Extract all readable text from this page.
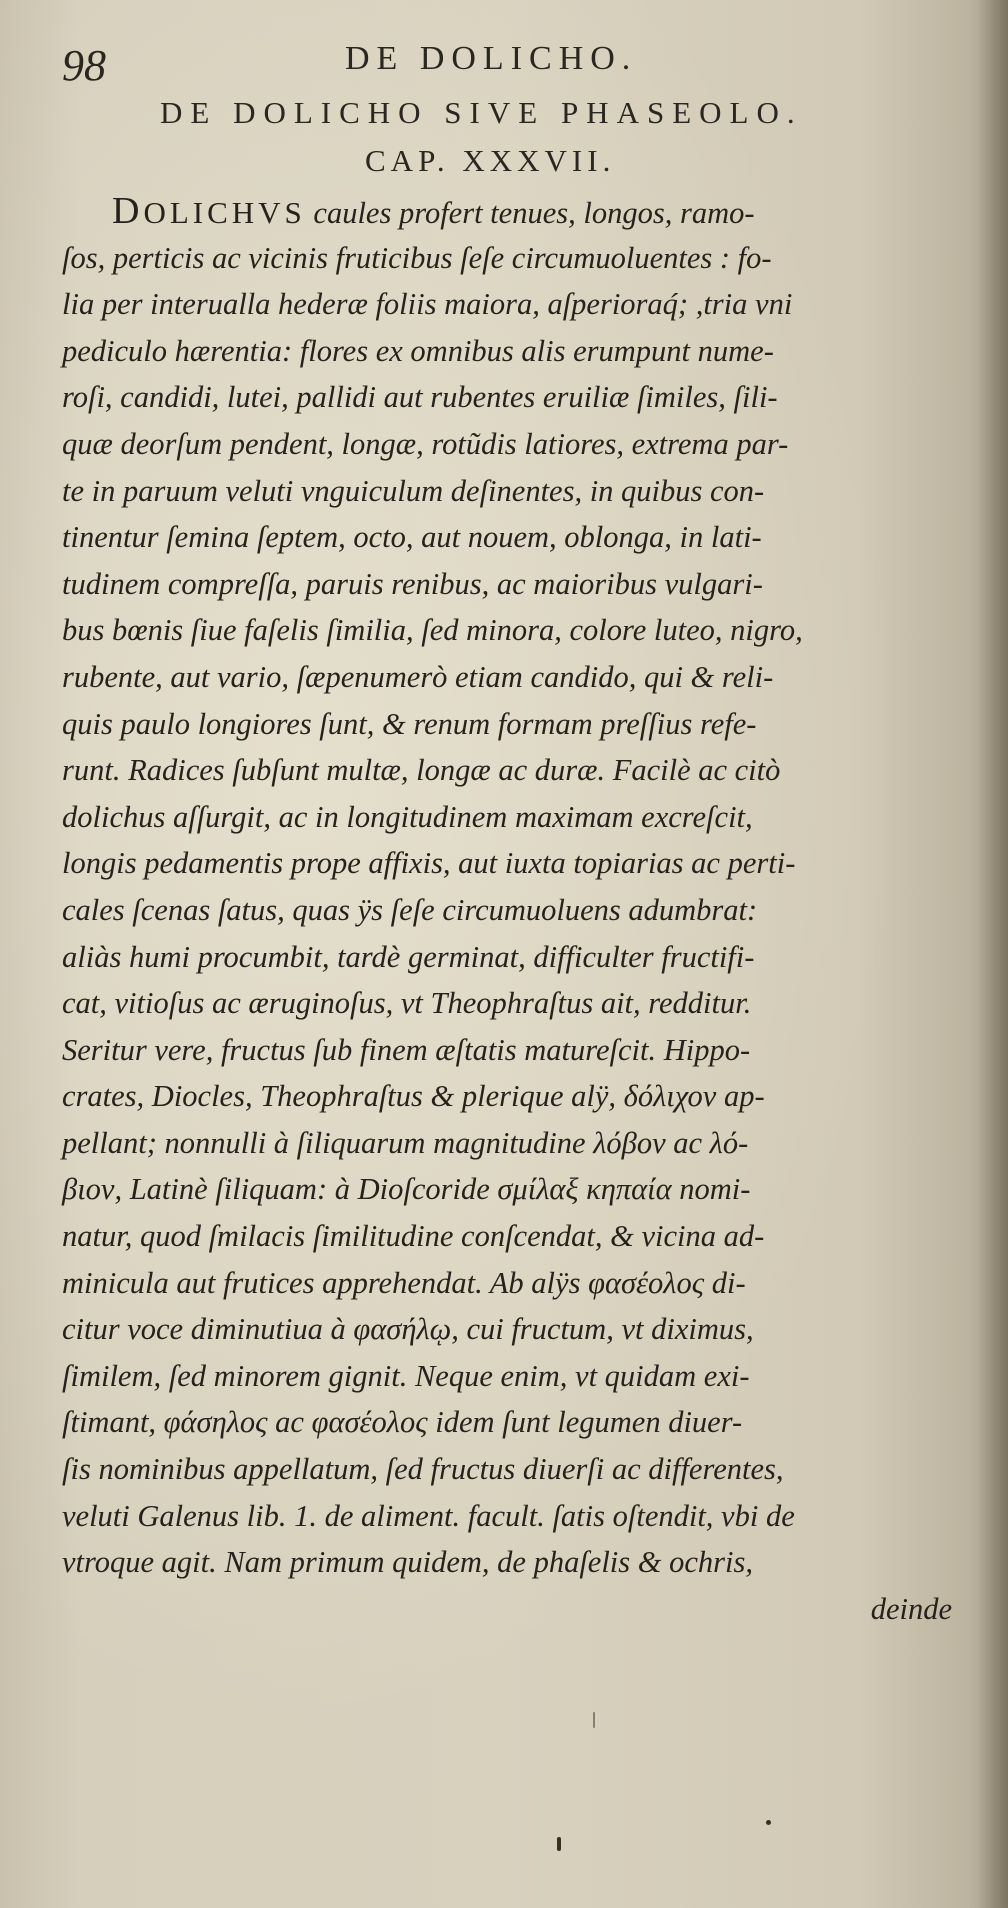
98	DE DOLICHO.

DE DOLICHO SIVE PHASEOLO.

CAP. XXXVII.

DOLICHVS caules profert tenues, longos, ramo-
ſos, perticis ac vicinis fruticibus ſeſe circumuoluentes : fo-
lia per interualla hederæ foliis maiora, aſperioraq́; ,tria vni
pediculo hærentia: flores ex omnibus alis erumpunt nume-
roſi, candidi, lutei, pallidi aut rubentes eruiliæ ſimiles, ſili-
quæ deorſum pendent, longæ, rotũdis latiores, extrema par-
te in paruum veluti vnguiculum deſinentes, in quibus con-
tinentur ſemina ſeptem, octo, aut nouem, oblonga, in lati-
tudinem compreſſa, paruis renibus, ac maioribus vulgari-
bus bœnis ſiue faſelis ſimilia, ſed minora, colore luteo, nigro,
rubente, aut vario, ſæpenumerò etiam candido, qui & reli-
quis paulo longiores ſunt, & renum formam preſſius refe-
runt. Radices ſubſunt multæ, longæ ac duræ. Facilè ac citò
dolichus aſſurgit, ac in longitudinem maximam excreſcit,
longis pedamentis prope affixis, aut iuxta topiarias ac perti-
cales ſcenas ſatus, quas ÿs ſeſe circumuoluens adumbrat:
aliàs humi procumbit, tardè germinat, difficulter fructifi-
cat, vitioſus ac æruginoſus, vt Theophraſtus ait, redditur.
Seritur vere, fructus ſub finem æſtatis matureſcit. Hippo-
crates, Diocles, Theophraſtus & plerique alÿ, δόλιχον ap-
pellant; nonnulli à ſiliquarum magnitudine λόβον ac λό-
βιον, Latinè ſiliquam: à Dioſcoride σμίλαξ κηπαία nomi-
natur, quod ſmilacis ſimilitudine conſcendat, & vicina ad-
minicula aut frutices apprehendat. Ab alÿs φασέολος di-
citur voce diminutiua à φασήλῳ, cui fructum, vt diximus,
ſimilem, ſed minorem gignit. Neque enim, vt quidam exi-
ſtimant, φάσηλος ac φασέολος idem ſunt legumen diuer-
ſis nominibus appellatum, ſed fructus diuerſi ac differentes,
veluti Galenus lib. 1. de aliment. facult. ſatis oſtendit, vbi de
vtroque agit. Nam primum quidem, de phaſelis & ochris,
deinde
